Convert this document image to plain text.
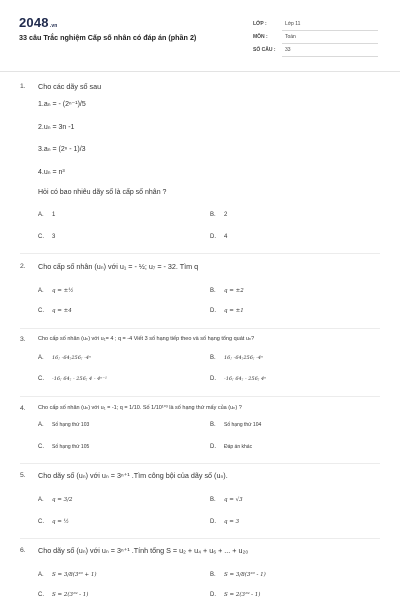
2048.vn
33 câu Trắc nghiệm Cấp số nhân có đáp án (phần 2)
LỚP :	Lớp 11
MÔN :	Toán
SỐ CÂU : 33
1. Cho các dãy số sau
1.aₙ = - (2ⁿ⁻¹)/5
2.uₙ = 3n -1
3.aₙ = (2ⁿ - 1)/3
4.uₙ = n³
Hỏi có bao nhiêu dãy số là cấp số nhân ?
A. 1	B. 2
C. 3	D. 4
2. Cho cấp số nhân (uₙ) với u₁ = - ½; u₇ = - 32. Tìm q
A. q = ±½	B. q = ±2
C. q = ±4	D. q = ±1
3. Cho cấp số nhân (uₙ) với u₁= 4 ; q = -4 Viết 3 số hạng tiếp theo và số hạng tổng quát uₙ?
A. 16; -64;256; -4ⁿ	B. 16; -64;256; -4ⁿ
C. -16; 64; - 256; 4 - 4ⁿ⁻¹	D. -16; 64; - 256; 4ⁿ
4. Cho cấp số nhân (uₙ) với u₁ = -1; q = 1/10. Số 1/10¹⁰³ là số hạng thứ mấy của (uₙ) ?
A. Số hạng thứ 103	B. Số hạng thứ 104
C. Số hạng thứ 105	D. Đáp án khác
5. Cho dãy số (uₙ) với uₙ = 3ⁿ⁺¹ .Tìm công bội của dãy số (uₙ).
A. q = 3/2	B. q = √3
C. q = ½	D. q = 3
6. Cho dãy số (uₙ) với uₙ = 3ⁿ⁺¹ .Tính tổng S = u₂ + u₄ + u₆ + ... + u₂₀
A. S = 3/8(3²⁰ + 1)	B. S = 3/8(3²⁰ - 1)
C. S = 2(3¹⁹ - 1)	D. S = 2(3¹⁹ - 1)
